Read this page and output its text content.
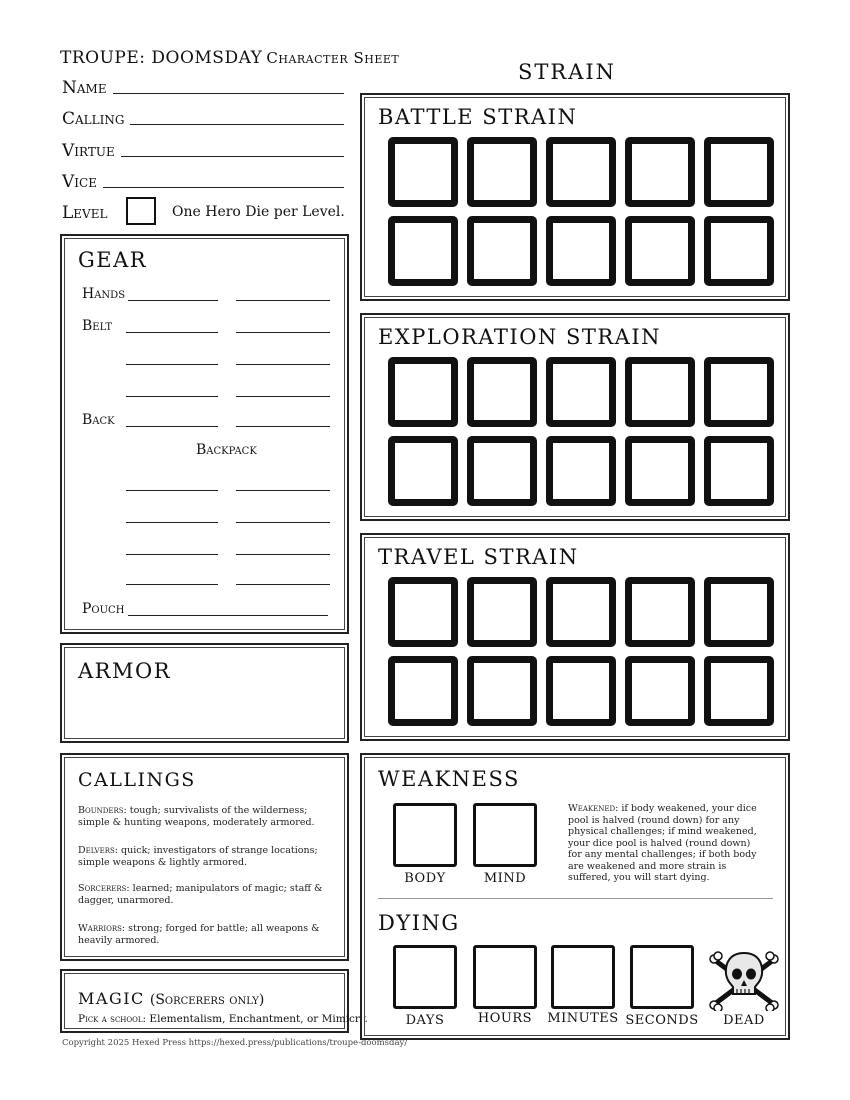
TROUPE: DOOMSDAY Character Sheet
STRAIN
Name
Calling
Virtue
Vice
Level	One Hero Die per Level.
GEAR
Hands
Belt
Back
Backpack
Pouch
ARMOR
CALLINGS
Bounders: tough; survivalists of the wilderness; simple & hunting weapons, moderately armored.
Delvers: quick; investigators of strange locations; simple weapons & lightly armored.
Sorcerers: learned; manipulators of magic; staff & dagger, unarmored.
Warriors: strong; forged for battle; all weapons & heavily armored.
MAGIC (Sorcerers only)
Pick a school: Elementalism, Enchantment, or Mimicry.
Copyright 2025 Hexed Press https://hexed.press/publications/troupe-doomsday/
BATTLE STRAIN
EXPLORATION STRAIN
TRAVEL STRAIN
WEAKNESS
BODY	MIND
Weakened: if body weakened, your dice pool is halved (round down) for any physical challenges; if mind weakened, your dice pool is halved (round down) for any mental challenges; if both body are weakened and more strain is suffered, you will start dying.
DYING
DAYS	HOURS	MINUTES SECONDS	DEAD
